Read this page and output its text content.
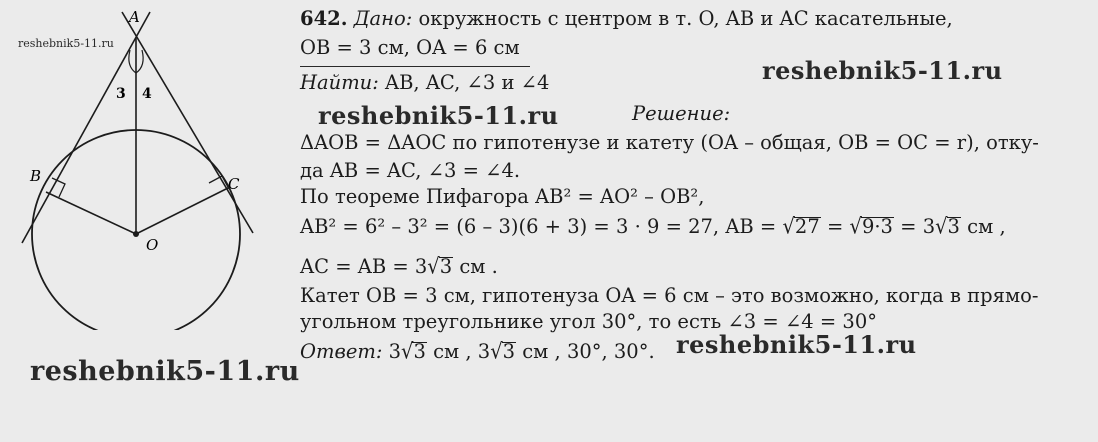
A
B	C
O
3 4
reshebnik5-11.ru
642. Дано: окружность с центром в т. O, AB и AC касательные,
OB = 3 см, OA = 6 см
Найти: AB, AC, ∠3 и ∠4
Решение:
ΔAOB = ΔAOC по гипотенузе и катету (OA – общая, OB = OC = r), отку-
да AB = AC, ∠3 = ∠4.
По теореме Пифагора AB² = AO² – OB²,
AB² = 6² – 3² = (6 – 3)(6 + 3) = 3 · 9 = 27, AB = √27 = √9·3 = 3√3 см ,
AC = AB = 3√3 см .
Катет OB = 3 см, гипотенуза OA = 6 см – это возможно, когда в прямо-
угольном треугольнике угол 30°, то есть ∠3 = ∠4 = 30°
Ответ: 3√3 см , 3√3 см , 30°, 30°.
reshebnik5-11.ru
reshebnik5-11.ru
reshebnik5-11.ru
reshebnik5-11.ru
